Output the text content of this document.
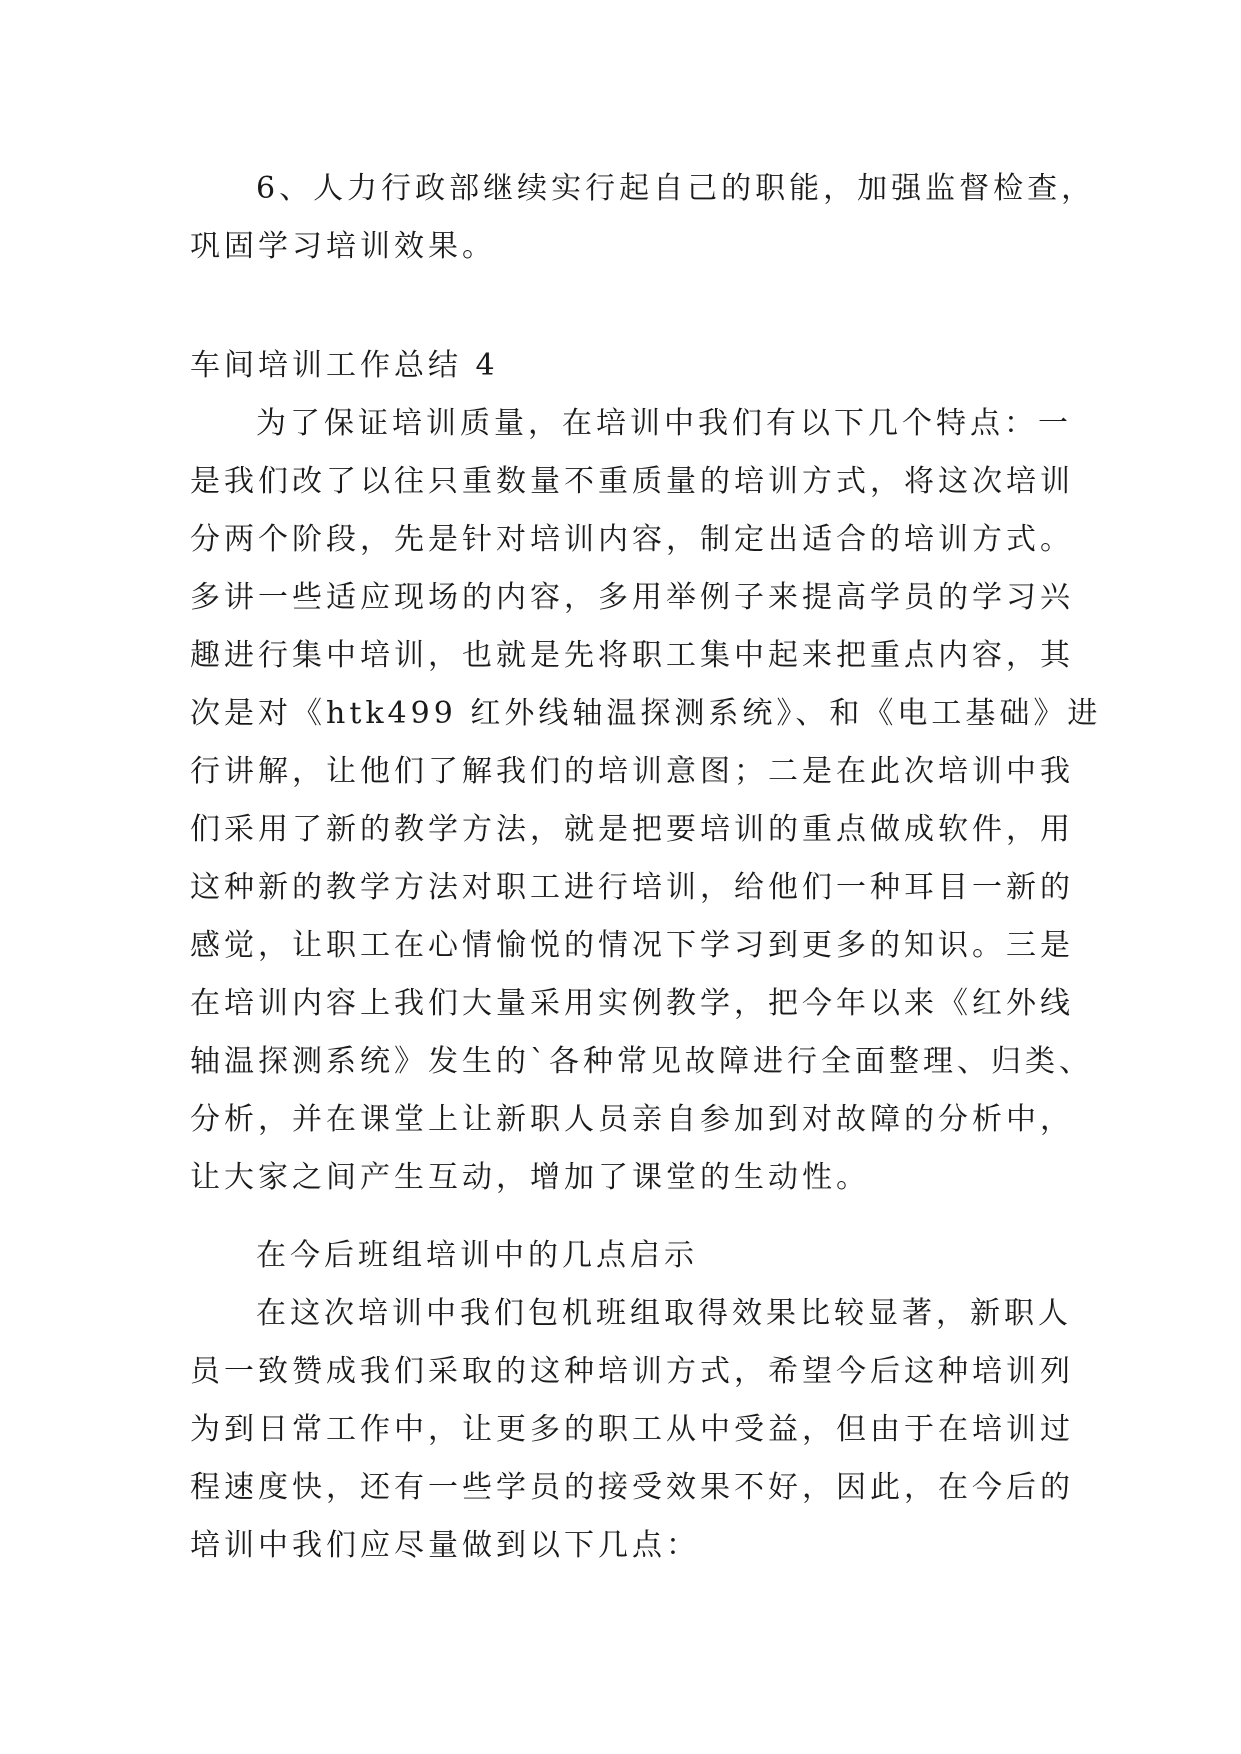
6、人力行政部继续实行起自己的职能，加强监督检查，
巩固学习培训效果。
车间培训工作总结 4
为了保证培训质量，在培训中我们有以下几个特点：一
是我们改了以往只重数量不重质量的培训方式，将这次培训
分两个阶段，先是针对培训内容，制定出适合的培训方式。
多讲一些适应现场的内容，多用举例子来提高学员的学习兴
趣进行集中培训，也就是先将职工集中起来把重点内容，其
次是对《htk499 红外线轴温探测系统》、和《电工基础》进
行讲解，让他们了解我们的培训意图；二是在此次培训中我
们采用了新的教学方法，就是把要培训的重点做成软件，用
这种新的教学方法对职工进行培训，给他们一种耳目一新的
感觉，让职工在心情愉悦的情况下学习到更多的知识。三是
在培训内容上我们大量采用实例教学，把今年以来《红外线
轴温探测系统》发生的`各种常见故障进行全面整理、归类、
分析，并在课堂上让新职人员亲自参加到对故障的分析中，
让大家之间产生互动，增加了课堂的生动性。
在今后班组培训中的几点启示
在这次培训中我们包机班组取得效果比较显著，新职人
员一致赞成我们采取的这种培训方式，希望今后这种培训列
为到日常工作中，让更多的职工从中受益，但由于在培训过
程速度快，还有一些学员的接受效果不好，因此，在今后的
培训中我们应尽量做到以下几点：
